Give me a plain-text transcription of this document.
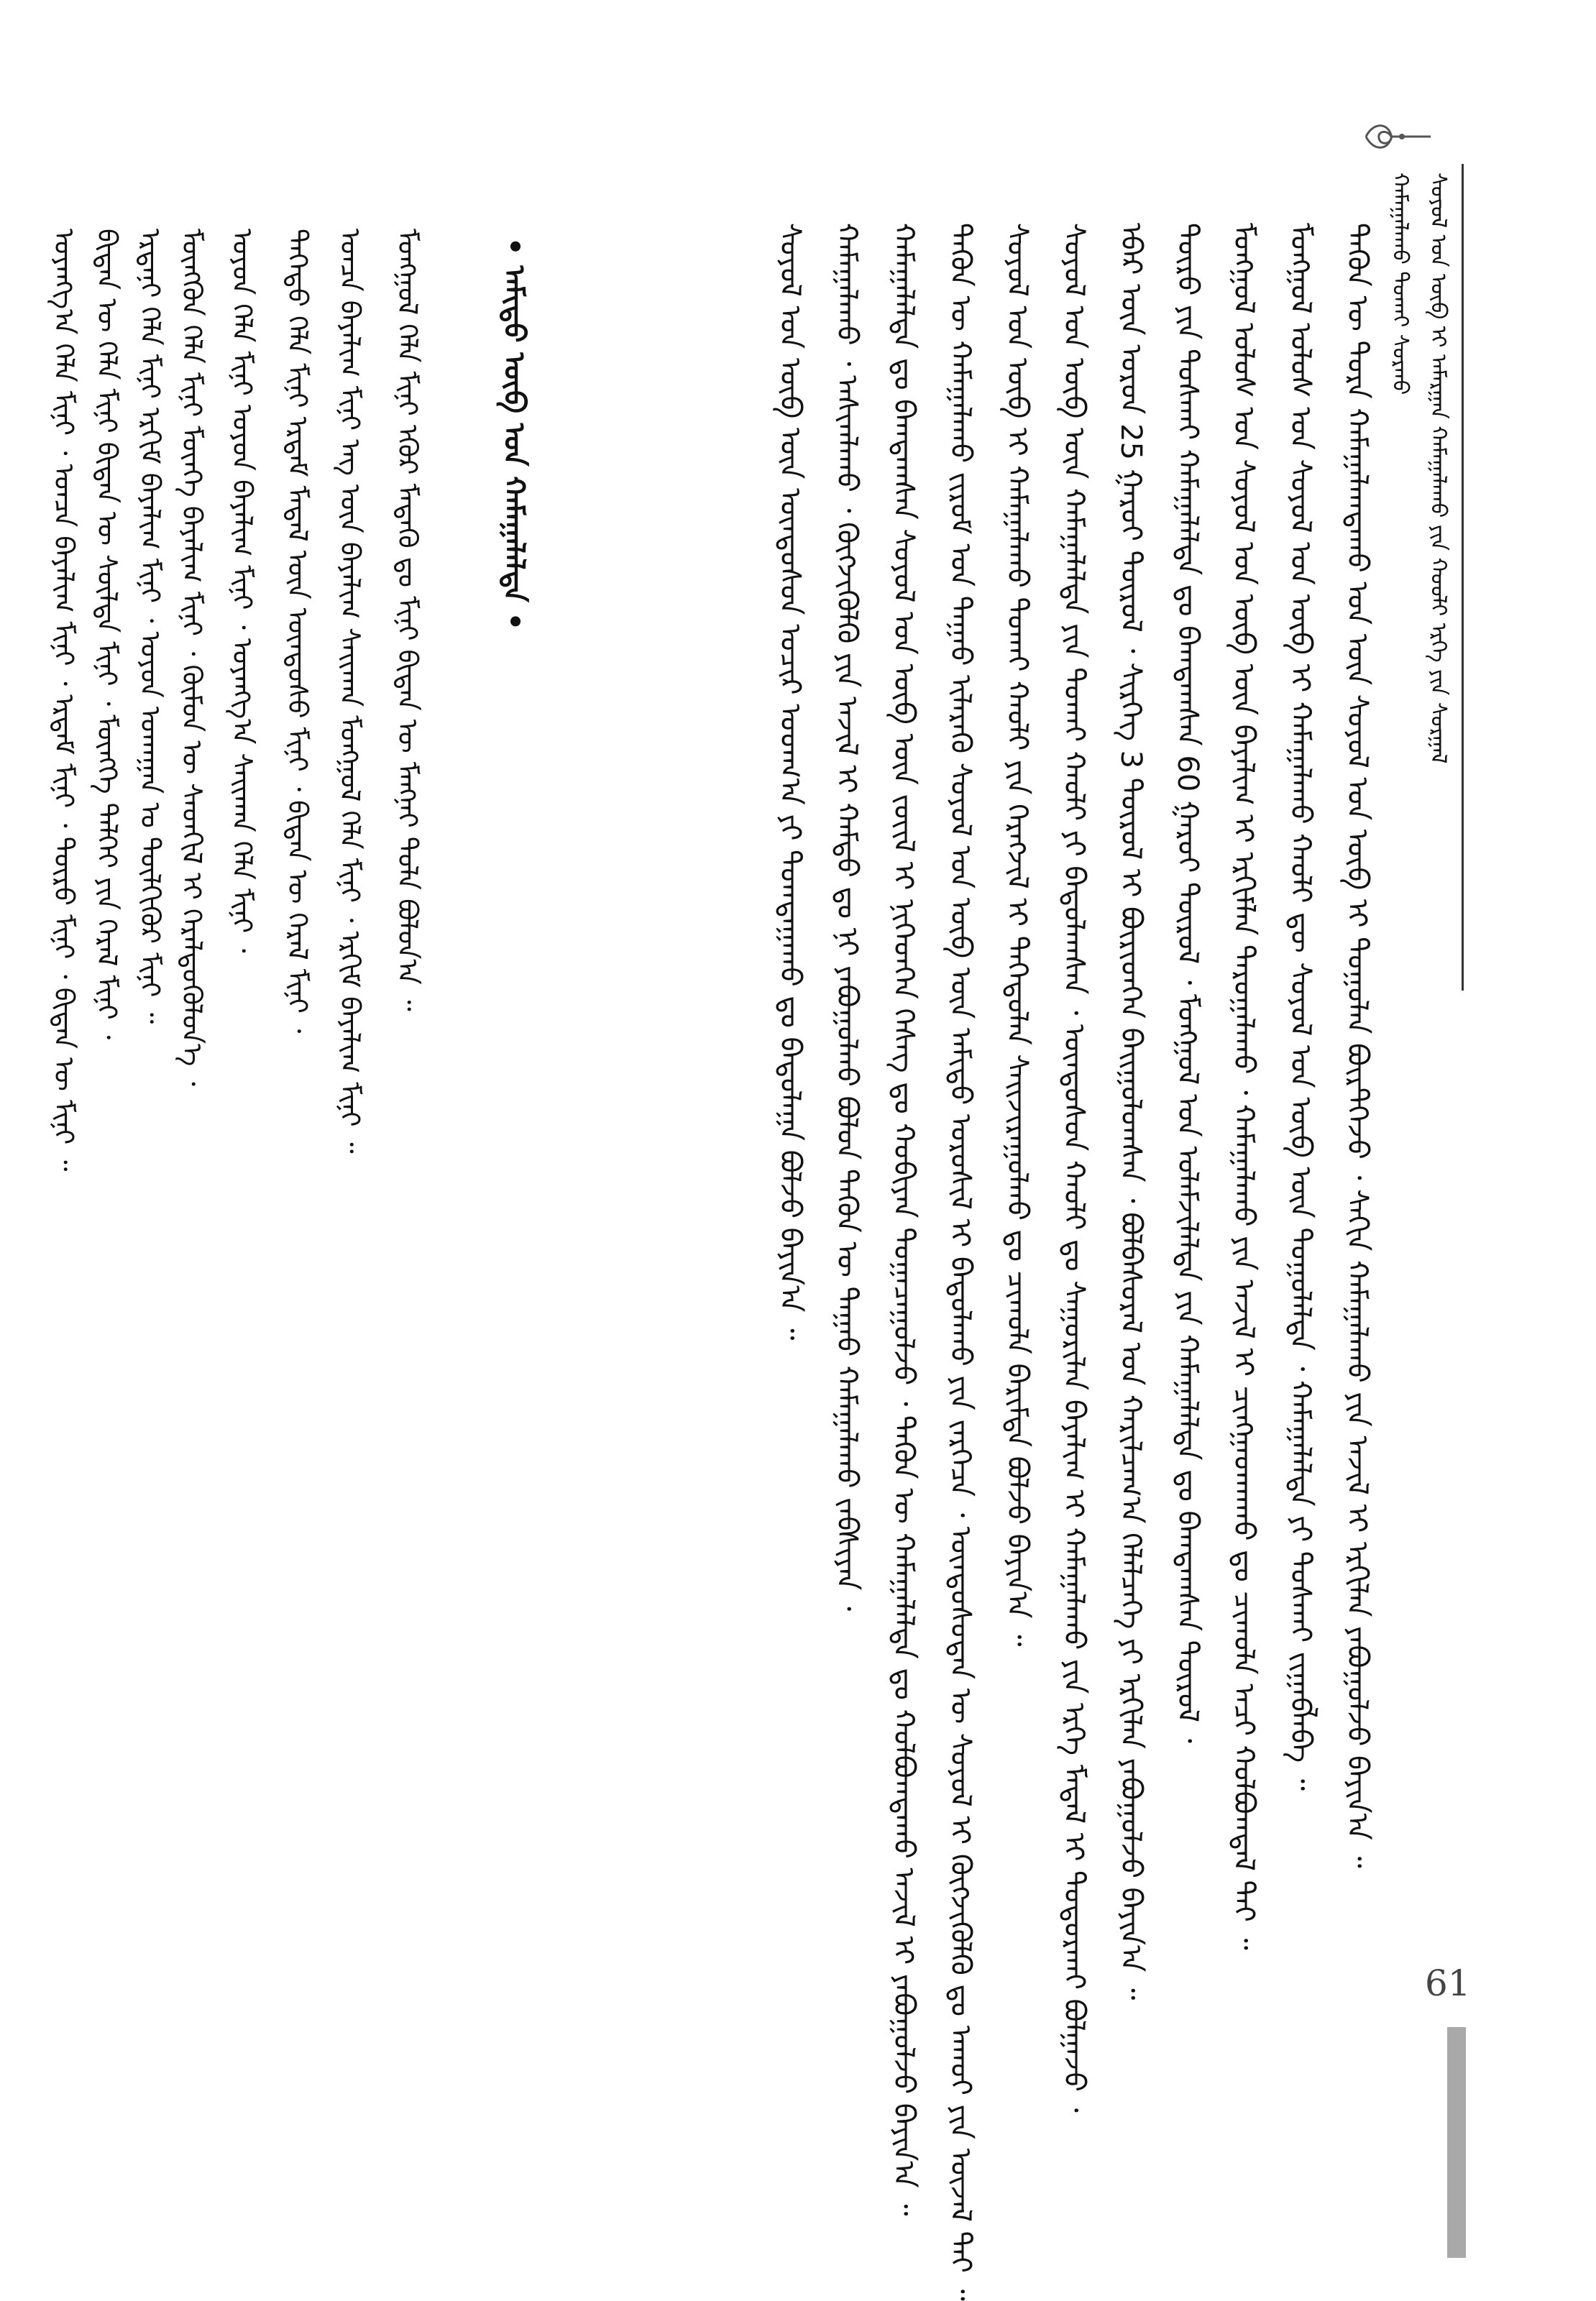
ᠰᠤᠶᠤᠯ ᠤᠨ ᠥᠪ ᠢ ᠠᠮᠠᠷᠭᠠᠨ ᠬᠠᠮᠠᠭᠠᠯᠠᠬᠤ ᠶᠢᠨ ᠬᠤᠤᠯᠢ ᠡᠷᠬᠡ ᠶᠢᠨ ᠰᠤᠷᠭᠠᠯ
ᠬᠠᠮᠠᠭᠠᠯᠠᠬᠤ ᠲᠤᠬᠠᠢ ᠰᠤᠷᠬᠤ
ᠲᠡᠭᠦᠨ ᠦ ᠳᠤᠷᠠ ᠬᠠᠮᠠᠭᠠᠯᠠᠭᠳᠠᠬᠤ ᠡᠳ ᠦᠨ ᠰᠣᠶᠣᠯ ᠤᠨ ᠥᠪ ᠢ ᠲᠣᠭᠣᠯᠠᠨ ᠪᠦᠷᠲᠭᠡᠵᠦ ᠂ ᠰᠠᠬᠢᠨ ᠬᠠᠮᠠᠭᠠᠯᠠᠬᠤ ᠶᠢᠨ ᠠᠵᠢᠯ ᠢ ᠡᠷᠬᠢᠯᠡᠨ ᠶᠠᠪᠤᠭᠤᠯᠵᠤ ᠪᠠᠶᠢᠨ᠎ᠠ ᠃
ᠮᠣᠩᠭᠣᠯ ᠤᠯᠤᠰ ᠤᠨ ᠰᠤᠶᠤᠯ ᠤᠨ ᠥᠪ ᠢ ᠬᠠᠮᠠᠭᠠᠯᠠᠬᠤ ᠬᠠᠤᠯᠢ ᠳᠦ ᠰᠤᠶᠤᠯ ᠤᠨ ᠥᠪ ᠦᠨ ᠲᠣᠭᠣᠯᠠᠯᠲᠠ ᠂ ᠬᠠᠮᠠᠭᠠᠯᠠᠯᠲᠠ ᠶᠢ ᠲᠤᠰᠬᠠᠢ ᠵᠢᠭᠠᠪᠯᠠᠪᠠ ᠃
ᠮᠣᠩᠭᠣᠯ ᠤᠯᠤᠰ ᠤᠨ ᠰᠤᠶᠤᠯ ᠤᠨ ᠥᠪ ᠦᠨ ᠪᠠᠶᠠᠯᠢᠭ ᠢ ᠡᠷᠬᠢᠮᠯᠡᠨ ᠳᠠᠷᠤᠭᠠᠯᠠᠬᠤ ᠂ ᠬᠠᠮᠠᠭᠠᠯᠠᠬᠤ ᠶᠢᠨ ᠠᠵᠢᠯ ᠢ ᠴᠢᠩᠭᠠᠳᠬᠠᠬᠤ ᠳᠤ ᠴᠢᠬᠤᠯᠠ ᠠᠴᠢ ᠬᠣᠯᠪᠣᠭᠳᠠᠯ ᠲᠠᠢ ᠃
ᠲᠦᠷᠦ ᠶᠢᠨ ᠲᠤᠰᠬᠠᠢ ᠬᠠᠮᠠᠭᠠᠯᠠᠯᠲᠠ ᠳᠤ ᠪᠠᠭᠳᠠᠭᠰᠠᠨ 60 ᠭᠠᠷᠤᠢ ᠲᠦᠷᠦᠯ ᠂ ᠮᠣᠩᠭᠣᠯ ᠤᠨ ᠤᠯᠠᠮᠵᠢᠯᠠᠯᠲᠠ ᠶᠢᠨ ᠬᠠᠮᠠᠭᠠᠯᠠᠯᠲᠠ ᠳᠤ ᠪᠠᠭᠳᠠᠭᠰᠠᠨ ᠲᠦᠷᠦᠯ ᠂
ᠡᠪᠡᠷ ᠦᠨ ᠣᠷᠤᠨ 25 ᠭᠠᠷᠤᠢ ᠲᠦᠷᠦᠯ ᠂ ᠰᠢᠷᠭᠡᠭ 3 ᠲᠦᠷᠦᠯ ᠢ ᠪᠦᠷᠢᠳᠬᠡᠨ ᠪᠠᠢᠭᠤᠯᠤᠭᠰᠠᠨ ᠂ ᠪᠣᠯᠪᠠᠰᠤᠷᠠᠯ ᠤᠨ ᠬᠠᠷᠢᠯᠴᠠᠭ᠎ᠠ ᠬᠡᠯᠡᠯᠴᠡᠭᠡ ᠶᠢ ᠡᠷᠬᠢᠯᠡᠨ ᠶᠠᠪᠤᠭᠤᠯᠵᠤ ᠪᠠᠶᠢᠨ᠎ᠠ ᠃
ᠰᠤᠶᠤᠯ ᠤᠨ ᠥᠪ ᠦᠨ ᠬᠠᠮᠠᠭᠠᠯᠠᠯᠲᠠ ᠶᠢᠨ ᠲᠤᠬᠠᠢ ᠬᠠᠤᠯᠢ ᠶᠢ ᠪᠠᠲᠤᠯᠠᠭᠰᠠᠨ ᠂ ᠦᠨᠳᠦᠰᠦᠨ ᠬᠠᠤᠯᠢ ᠳᠤ ᠰᠠᠭᠤᠷᠢᠯᠠᠨ ᠪᠠᠶᠠᠯᠢᠭ ᠢ ᠬᠠᠮᠠᠭᠠᠯᠠᠬᠤ ᠶᠢᠨ ᠡᠷᠬᠡ ᠮᠡᠳᠡᠯ ᠢ ᠲᠣᠳᠤᠷᠬᠠᠢ ᠪᠣᠯᠭᠠᠵᠤ ᠂
ᠰᠤᠶᠤᠯ ᠤᠨ ᠥᠪ ᠢ ᠬᠠᠮᠠᠭᠠᠯᠠᠬᠤ ᠲᠤᠬᠠᠢ ᠬᠠᠤᠯᠢ ᠶᠢᠨ ᠬᠡᠷᠡᠭᠵᠢᠯ ᠢ ᠳᠡᠭᠡᠳᠦᠯᠡᠨ ᠰᠠᠢᠵᠢᠷᠠᠭᠤᠯᠬᠤ ᠳᠤ ᠴᠢᠬᠤᠯᠠ ᠪᠠᠷᠢᠮᠲᠠ ᠪᠣᠯᠵᠤ ᠪᠠᠶᠢᠨ᠎ᠠ ᠃
ᠲᠡᠭᠦᠨ ᠦ ᠬᠠᠮᠠᠭᠠᠯᠠᠬᠤ ᠵᠢᠷᠤᠮ ᠤᠨ ᠳᠠᠭᠠᠤ ᠢᠯᠡᠷᠡᠬᠦ ᠰᠤᠶᠤᠯ ᠤᠨ ᠥᠪ ᠦᠨ ᠠᠮᠢᠳᠤ ᠣᠷᠣᠰᠢᠯ ᠢ ᠪᠠᠲᠤᠯᠠᠬᠤ ᠶᠢᠨ ᠵᠡᠷᠭᠡᠴᠡ ᠂ ᠦᠨᠳᠦᠰᠦᠲᠡᠨ ᠦ ᠰᠤᠶᠤᠯ ᠢ ᠬᠦᠭᠵᠢᠭᠦᠯᠬᠦ ᠳᠤ ᠠᠬᠤᠢ ᠶᠢᠨ ᠦᠵᠡᠯ ᠲᠠᠢ ᠃
ᠬᠠᠮᠠᠭᠠᠯᠠᠯᠲᠠ ᠳᠤ ᠪᠠᠭᠳᠠᠭᠰᠠᠨ ᠰᠤᠶᠤᠯ ᠤᠨ ᠥᠪ ᠦᠨ ᠵᠦᠢᠯ ᠢ ᠨᠢᠭᠡᠳᠭᠡᠨ ᠬᠡᠰᠡᠭ ᠳᠤ ᠬᠤᠪᠢᠶᠠᠨ ᠲᠣᠭᠠᠴᠠᠭᠤᠯᠵᠤ ᠂ ᠲᠡᠭᠦᠨ ᠦ ᠬᠠᠮᠠᠭᠠᠯᠠᠯᠲᠠ ᠳᠤ ᠬᠣᠯᠪᠣᠭᠳᠠᠬᠤ ᠠᠵᠢᠯ ᠢ ᠶᠠᠪᠤᠭᠤᠯᠵᠤ ᠪᠠᠶᠢᠨ᠎ᠠ ᠃
ᠬᠠᠮᠠᠭᠠᠯᠠᠬᠤ ᠂ ᠠᠰᠢᠭᠯᠠᠬᠤ ᠂ ᠬᠦᠭᠵᠢᠭᠦᠯᠬᠦ ᠶᠢᠨ ᠠᠵᠢᠯ ᠢ ᠬᠠᠮᠲᠤ ᠳᠤ ᠨᠢ ᠶᠠᠪᠤᠭᠤᠯᠬᠤ ᠪᠣᠯᠤᠨ ᠲᠡᠭᠦᠨ ᠦ ᠳᠠᠭᠠᠤ ᠬᠠᠮᠠᠭᠠᠯᠠᠬᠤ ᠵᠠᠪᠰᠢᠶᠠᠨ ᠂
ᠰᠤᠶᠤᠯ ᠤᠨ ᠥᠪ ᠦᠨ ᠦᠨᠳᠦᠰᠦᠨ ᠤᠴᠢᠷ ᠤᠳᠬ᠎ᠠ ᠶᠢ ᠲᠣᠭᠲᠠᠭᠠᠬᠤ ᠳᠤ ᠪᠠᠲᠤᠯᠠᠭᠠ ᠪᠣᠯᠵᠤ ᠪᠠᠶᠢᠨ᠎ᠠ ᠃
• ᠠᠮᠢᠳᠤ ᠥᠪ ᠤᠨ ᠬᠠᠮᠠᠭᠠᠯᠠᠯᠲᠠ •
ᠮᠣᠩᠭᠣᠯ ᠬᠡᠯᠡ ᠮᠢᠨᠢ ᠡᠭᠦᠷ ᠮᠡᠳᠡᠬᠦ ᠳᠤ ᠮᠢᠨᠢ ᠪᠢᠳᠡᠨ ᠦ ᠮᠠᠩᠨᠠᠢ ᠲᠤᠯᠠ ᠪᠣᠯᠤᠨ᠎ᠠ ᠃
ᠣᠨᠴᠠ ᠪᠠᠶᠠᠯᠢᠭ ᠮᠢᠨᠢ ᠡᠩ ᠦᠨ ᠪᠠᠶᠠᠯᠢᠭ ᠰᠠᠢᠬᠠᠨ ᠮᠣᠩᠭᠣᠯ ᠬᠡᠯᠡ ᠮᠢᠨᠢ ᠂ ᠡᠷᠬᠢᠮ ᠪᠠᠶᠠᠯᠢᠭ ᠮᠢᠨᠢ ᠃
ᠳᠡᠭᠡᠳᠦ ᠬᠡᠯᠡ ᠮᠢᠨᠢ ᠡᠷᠳᠡᠮ ᠮᠡᠳᠡᠯ ᠦᠨ ᠦᠨᠳᠦᠰᠦ ᠮᠢᠨᠢ ᠂ ᠪᠢᠳᠡᠨ ᠦ ᠭᠡᠷᠡᠯ ᠮᠢᠨᠢ ᠂
ᠣᠶᠤᠨ ᠬᠡᠯᠡ ᠮᠢᠨᠢ ᠣᠶᠤᠨ ᠪᠠᠶᠠᠯᠢᠭ ᠮᠢᠨᠢ ᠂ ᠤᠶᠠᠩᠭ᠎ᠠ ᠰᠠᠢᠬᠠᠨ ᠬᠡᠯᠡ ᠮᠢᠨᠢ ᠂
ᠮᠥᠩᠭᠥᠨ ᠬᠡᠯᠡ ᠮᠢᠨᠢ ᠮᠥᠨᠬᠡ ᠪᠠᠶᠠᠯᠢᠭ ᠮᠢᠨᠢ ᠂ ᠬᠦᠮᠦᠨ ᠦ ᠰᠡᠳᠬᠢᠯ ᠢ ᠭᠡᠷᠡᠯᠲᠦᠭᠦᠯᠦᠨ᠎ᠡ ᠂
ᠡᠷᠳᠡᠨᠢ ᠬᠡᠯᠡ ᠮᠢᠨᠢ ᠡᠷᠬᠢᠮ ᠪᠠᠶᠠᠯᠢᠭ ᠮᠢᠨᠢ ᠂ ᠣᠶᠤᠨ ᠤᠬᠠᠭᠠᠨ ᠤ ᠲᠦᠯᠬᠢᠭᠦᠷ ᠮᠢᠨᠢ ᠃
ᠪᠢᠳᠡᠨ ᠦ ᠬᠡᠯᠡ ᠮᠢᠨᠢ ᠪᠢᠳᠡᠨ ᠦ ᠰᠦᠯᠳᠡ ᠮᠢᠨᠢ ᠂ ᠮᠥᠩᠭᠡ ᠳᠡᠯᠬᠡᠢ ᠶᠢᠨ ᠭᠡᠷᠡᠯ ᠮᠢᠨᠢ ᠂
ᠤᠶᠠᠩᠭ᠎ᠠ ᠬᠡᠯᠡ ᠮᠢᠨᠢ ᠂ ᠣᠨᠴᠠ ᠪᠠᠶᠠᠯᠢᠭ ᠮᠢᠨᠢ ᠂ ᠡᠷᠳᠡᠮ ᠮᠢᠨᠢ ᠂ ᠲᠦᠷᠦ ᠮᠢᠨᠢ ᠂ ᠪᠢᠳᠡᠨ ᠦ ᠮᠢᠨᠢ ᠃
61
